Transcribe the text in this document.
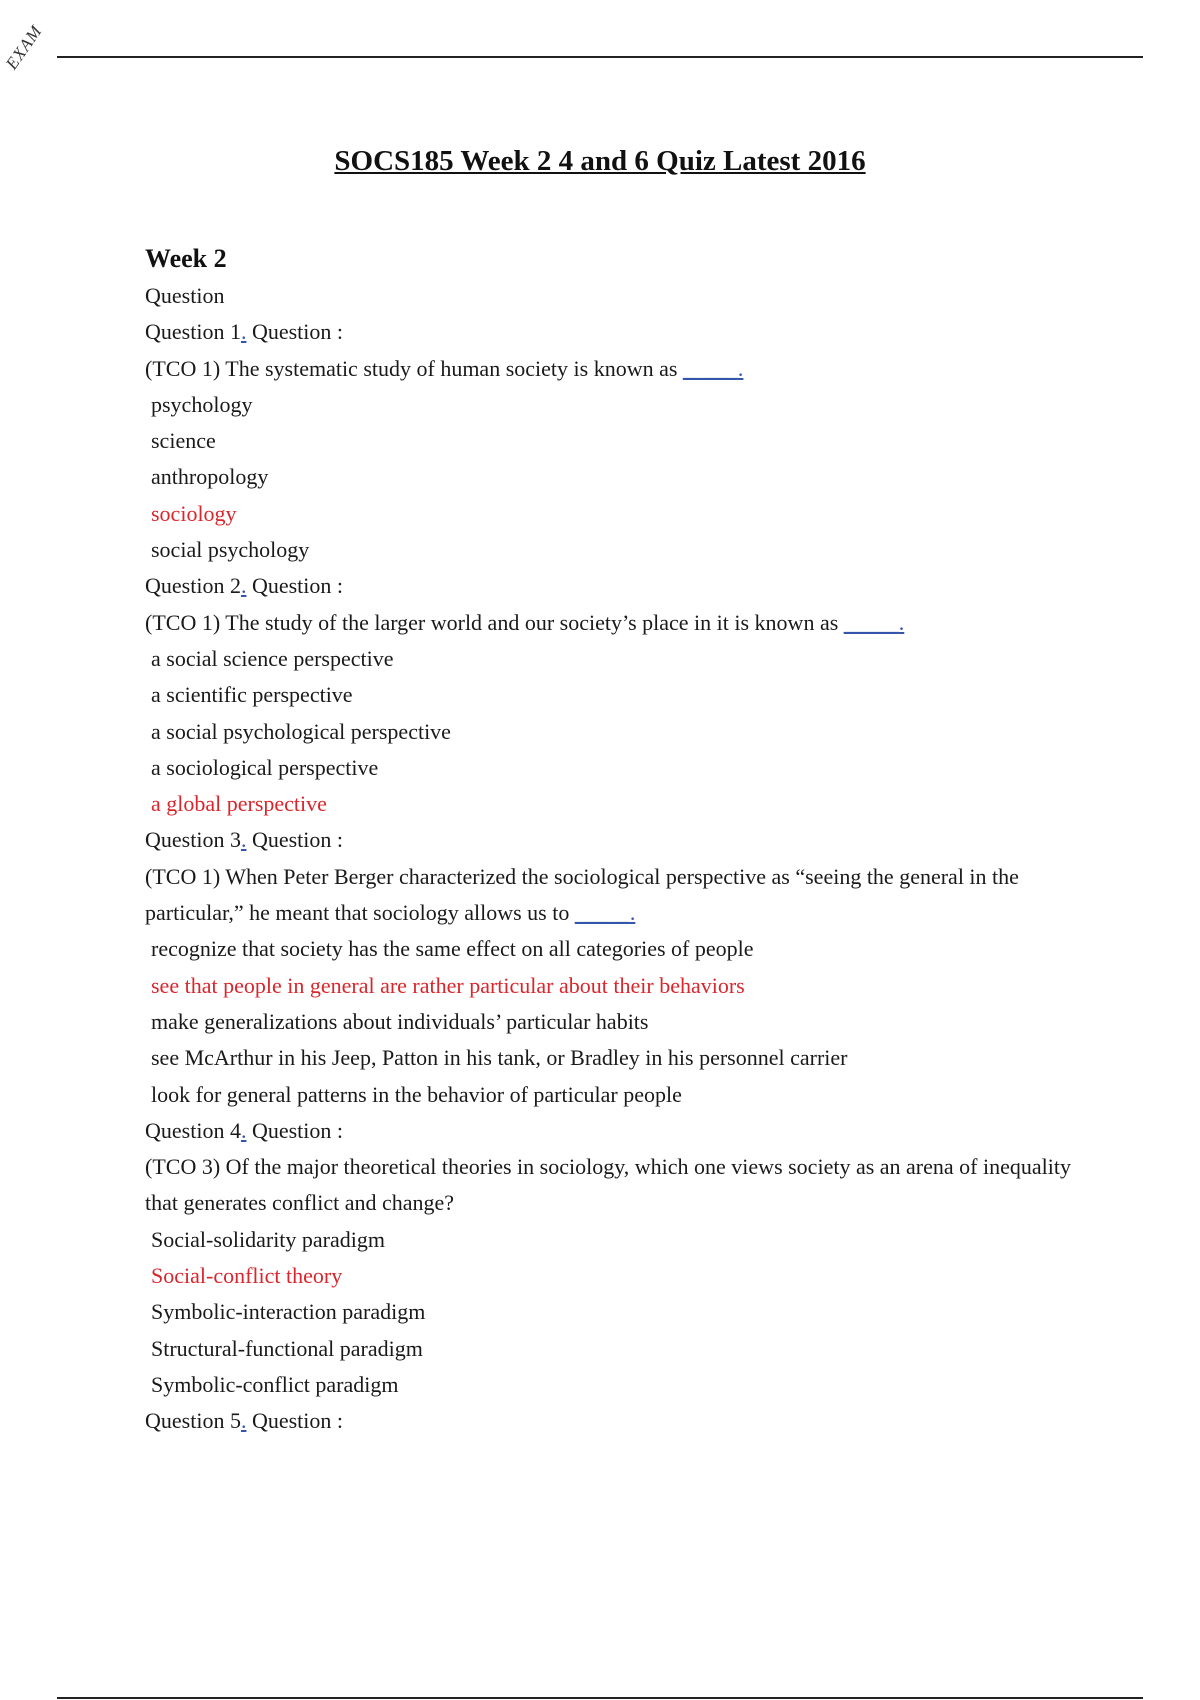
EXAM
SOCS185 Week 2 4 and 6 Quiz Latest 2016
Week 2
Question
Question 1. Question :
(TCO 1) The systematic study of human society is known as _____.
psychology
science
anthropology
sociology
social psychology
Question 2. Question :
(TCO 1) The study of the larger world and our society’s place in it is known as _____.
a social science perspective
a scientific perspective
a social psychological perspective
a sociological perspective
a global perspective
Question 3. Question :
(TCO 1) When Peter Berger characterized the sociological perspective as “seeing the general in the particular,” he meant that sociology allows us to _____.
recognize that society has the same effect on all categories of people
see that people in general are rather particular about their behaviors
make generalizations about individuals’ particular habits
see McArthur in his Jeep, Patton in his tank, or Bradley in his personnel carrier
look for general patterns in the behavior of particular people
Question 4. Question :
(TCO 3) Of the major theoretical theories in sociology, which one views society as an arena of inequality that generates conflict and change?
Social-solidarity paradigm
Social-conflict theory
Symbolic-interaction paradigm
Structural-functional paradigm
Symbolic-conflict paradigm
Question 5. Question :
